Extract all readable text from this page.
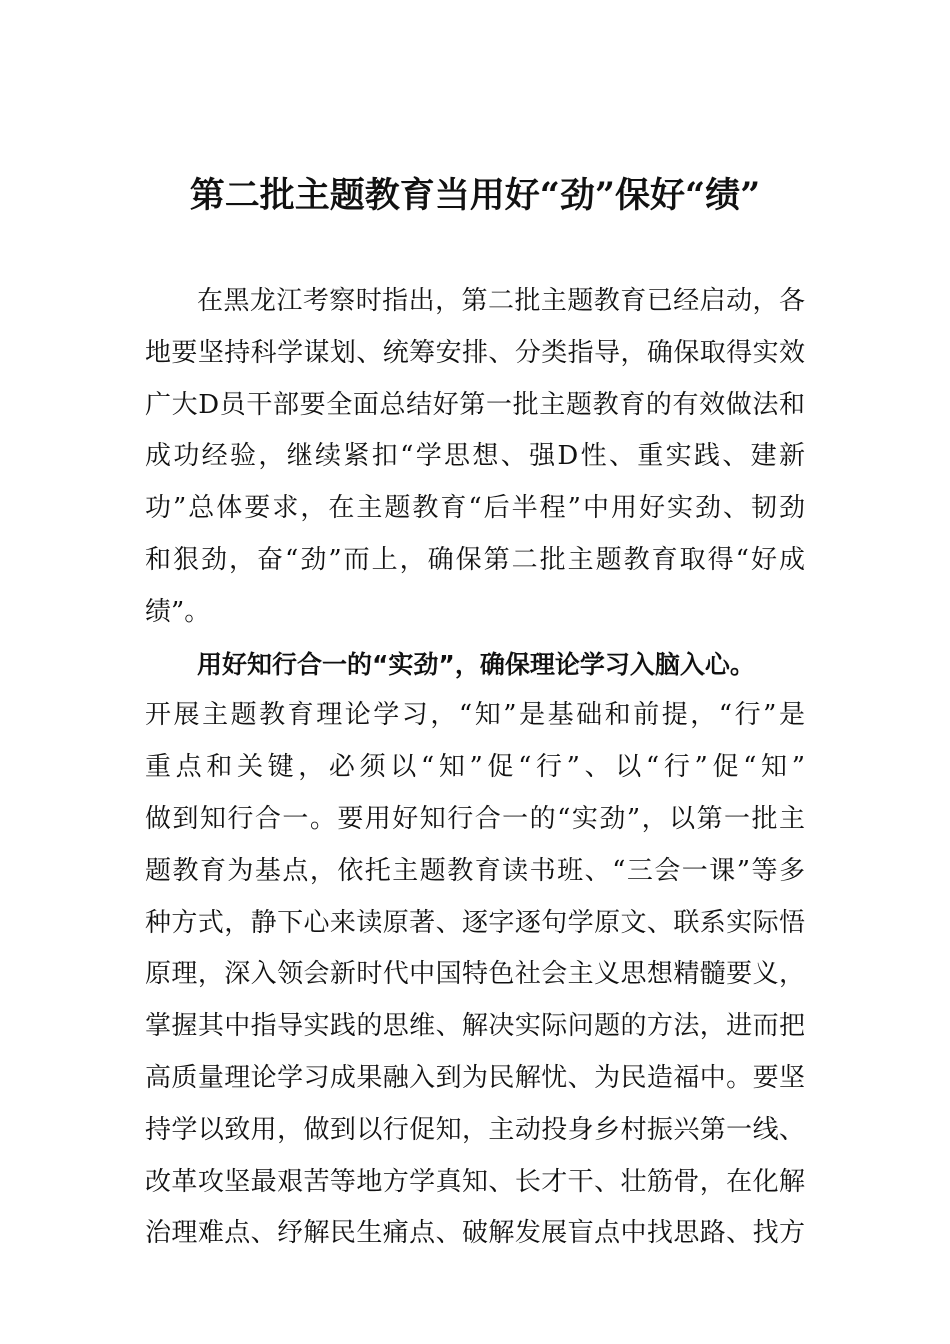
第二批主题教育当用好“劲”保好“绩”
在黑龙江考察时指出，第二批主题教育已经启动，各
地要坚持科学谋划、统筹安排、分类指导，确保取得实效
广大D员干部要全面总结好第一批主题教育的有效做法和
成功经验，继续紧扣“学思想、强D性、重实践、建新
功”总体要求，在主题教育“后半程”中用好实劲、韧劲
和狠劲，奋“劲”而上，确保第二批主题教育取得“好成
绩”。
用好知行合一的“实劲”，确保理论学习入脑入心。
开展主题教育理论学习，“知”是基础和前提，“行”是
重点和关键，必须以“知”促“行”、以“行”促“知”
做到知行合一。要用好知行合一的“实劲”，以第一批主
题教育为基点，依托主题教育读书班、“三会一课”等多
种方式，静下心来读原著、逐字逐句学原文、联系实际悟
原理，深入领会新时代中国特色社会主义思想精髓要义，
掌握其中指导实践的思维、解决实际问题的方法，进而把
高质量理论学习成果融入到为民解忧、为民造福中。要坚
持学以致用，做到以行促知，主动投身乡村振兴第一线、
改革攻坚最艰苦等地方学真知、长才干、壮筋骨，在化解
治理难点、纾解民生痛点、破解发展盲点中找思路、找方
